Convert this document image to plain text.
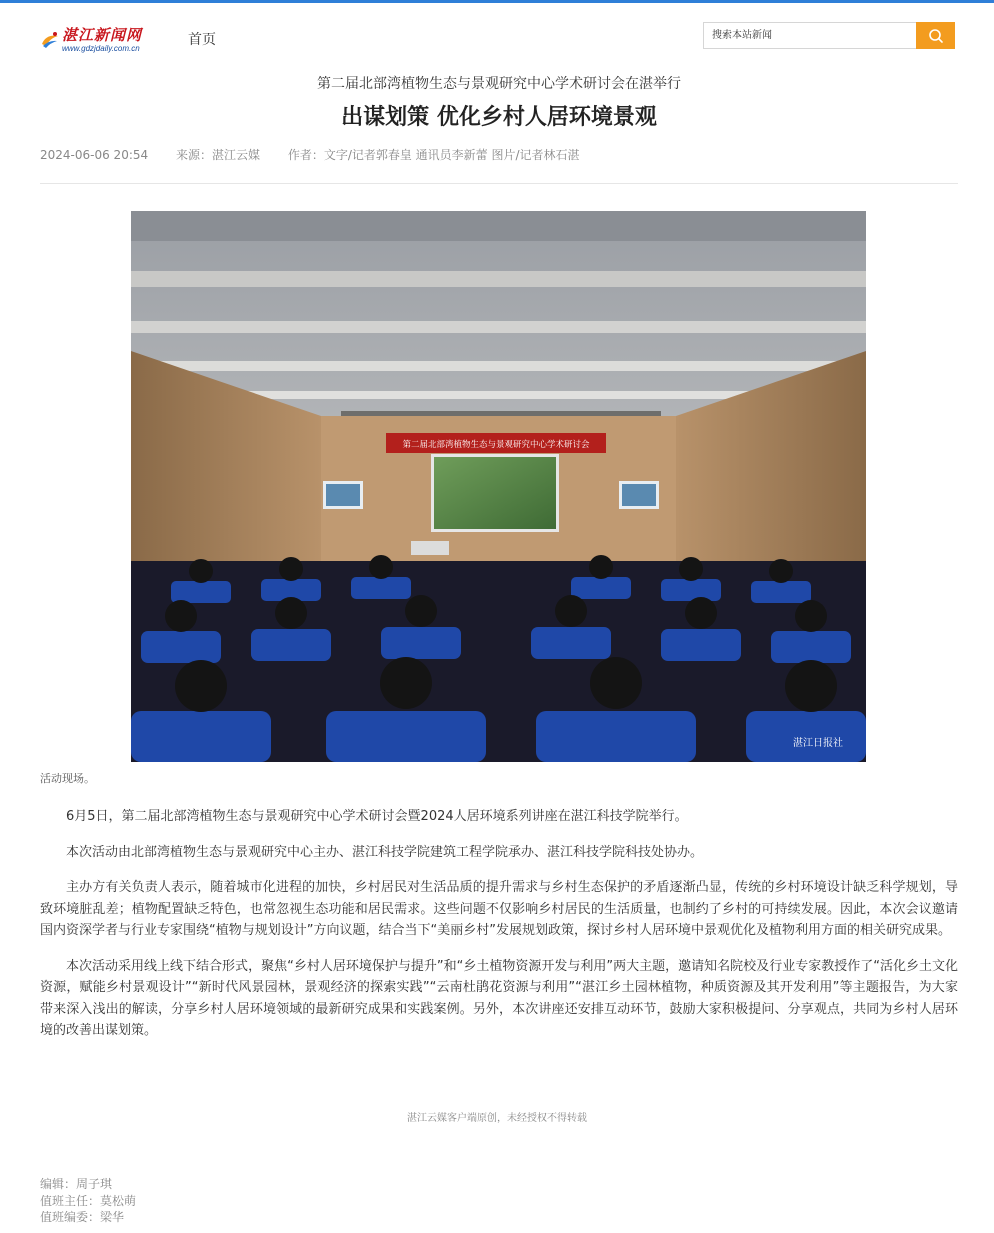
湛江新闻网
www.gdzjdaily.com.cn	首页
搜索本站新闻
第二届北部湾植物生态与景观研究中心学术研讨会在湛举行
出谋划策 优化乡村人居环境景观
2024-06-06 20:54 来源：湛江云媒 作者：文字/记者郭春皇 通讯员李新蕾 图片/记者林石湛
第二届北部湾植物生态与景观研究中心学术研讨会
湛江日报社
活动现场。

6月5日，第二届北部湾植物生态与景观研究中心学术研讨会暨2024人居环境系列讲座在湛江科技学院举行。

本次活动由北部湾植物生态与景观研究中心主办、湛江科技学院建筑工程学院承办、湛江科技学院科技处协办。

主办方有关负责人表示，随着城市化进程的加快，乡村居民对生活品质的提升需求与乡村生态保护的矛盾逐渐凸显，传统的乡村环境设计缺乏科学规划，导致环境脏乱差；植物配置缺乏特色，也常忽视生态功能和居民需求。这些问题不仅影响乡村居民的生活质量，也制约了乡村的可持续发展。因此，本次会议邀请国内资深学者与行业专家围绕“植物与规划设计”方向议题，结合当下“美丽乡村”发展规划政策，探讨乡村人居环境中景观优化及植物利用方面的相关研究成果。

本次活动采用线上线下结合形式，聚焦“乡村人居环境保护与提升”和“乡土植物资源开发与利用”两大主题，邀请知名院校及行业专家教授作了“活化乡土文化资源，赋能乡村景观设计”“新时代风景园林，景观经济的探索实践”“云南杜鹃花资源与利用”“湛江乡土园林植物，种质资源及其开发利用”等主题报告，为大家带来深入浅出的解读，分享乡村人居环境领域的最新研究成果和实践案例。另外，本次讲座还安排互动环节，鼓励大家积极提问、分享观点，共同为乡村人居环境的改善出谋划策。

湛江云媒客户端原创，未经授权不得转载
编辑：周子琪
值班主任：莫松萌
值班编委：梁华
